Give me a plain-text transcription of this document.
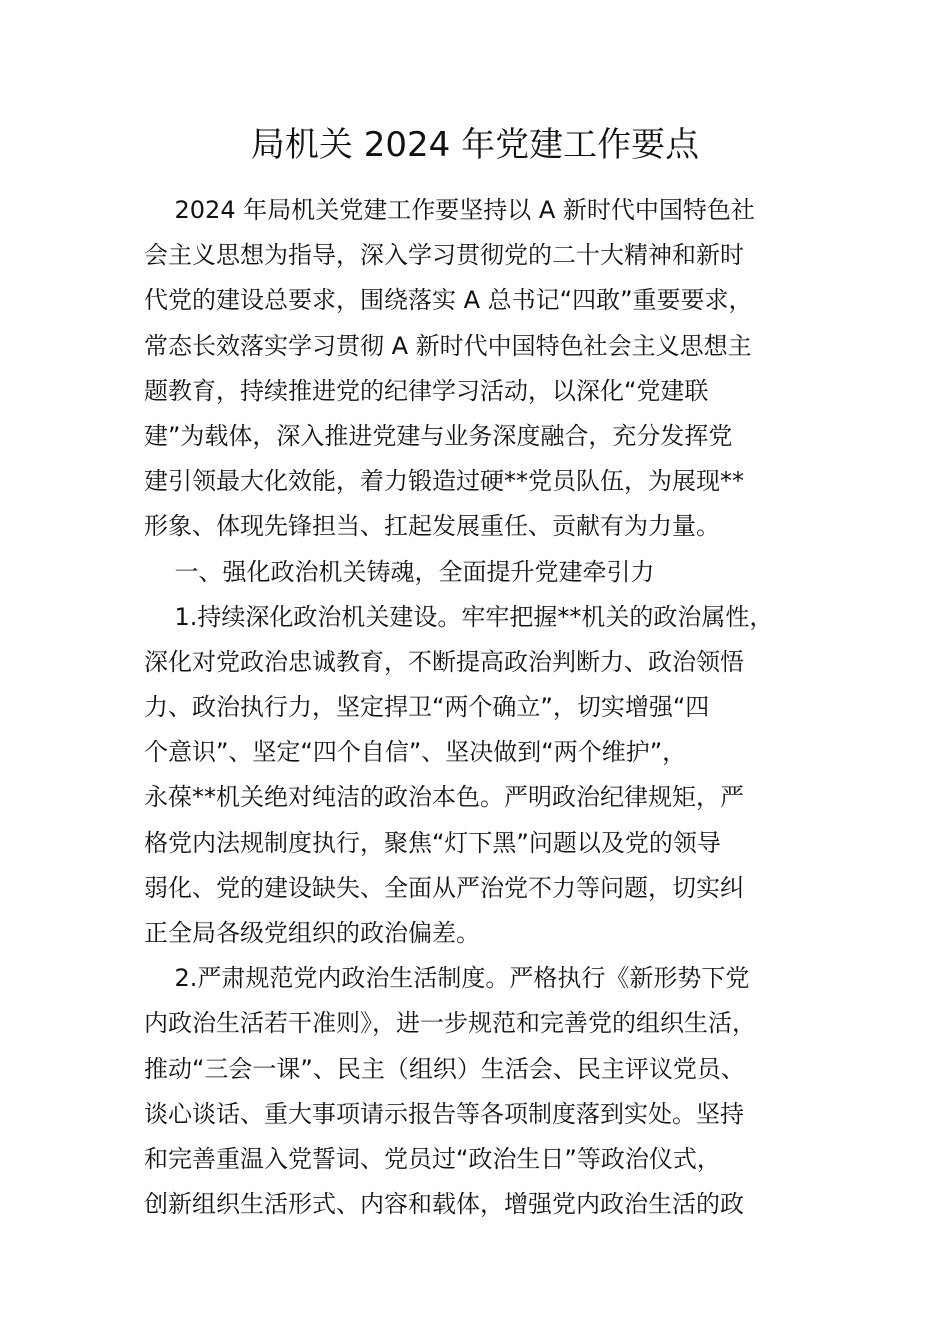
局机关 2024 年党建工作要点
2024 年局机关党建工作要坚持以 A 新时代中国特色社
会主义思想为指导，深入学习贯彻党的二十大精神和新时
代党的建设总要求，围绕落实 A 总书记“四敢”重要要求，
常态长效落实学习贯彻 A 新时代中国特色社会主义思想主
题教育，持续推进党的纪律学习活动，以深化“党建联
建”为载体，深入推进党建与业务深度融合，充分发挥党
建引领最大化效能，着力锻造过硬**党员队伍，为展现**
形象、体现先锋担当、扛起发展重任、贡献有为力量。
一、强化政治机关铸魂，全面提升党建牵引力
1.持续深化政治机关建设。牢牢把握**机关的政治属性，
深化对党政治忠诚教育，不断提高政治判断力、政治领悟
力、政治执行力，坚定捍卫“两个确立”，切实增强“四
个意识”、坚定“四个自信”、坚决做到“两个维护”，
永葆**机关绝对纯洁的政治本色。严明政治纪律规矩，严
格党内法规制度执行，聚焦“灯下黑”问题以及党的领导
弱化、党的建设缺失、全面从严治党不力等问题，切实纠
正全局各级党组织的政治偏差。
2.严肃规范党内政治生活制度。严格执行《新形势下党
内政治生活若干准则》，进一步规范和完善党的组织生活，
推动“三会一课”、民主（组织）生活会、民主评议党员、
谈心谈话、重大事项请示报告等各项制度落到实处。坚持
和完善重温入党誓词、党员过“政治生日”等政治仪式，
创新组织生活形式、内容和载体，增强党内政治生活的政
